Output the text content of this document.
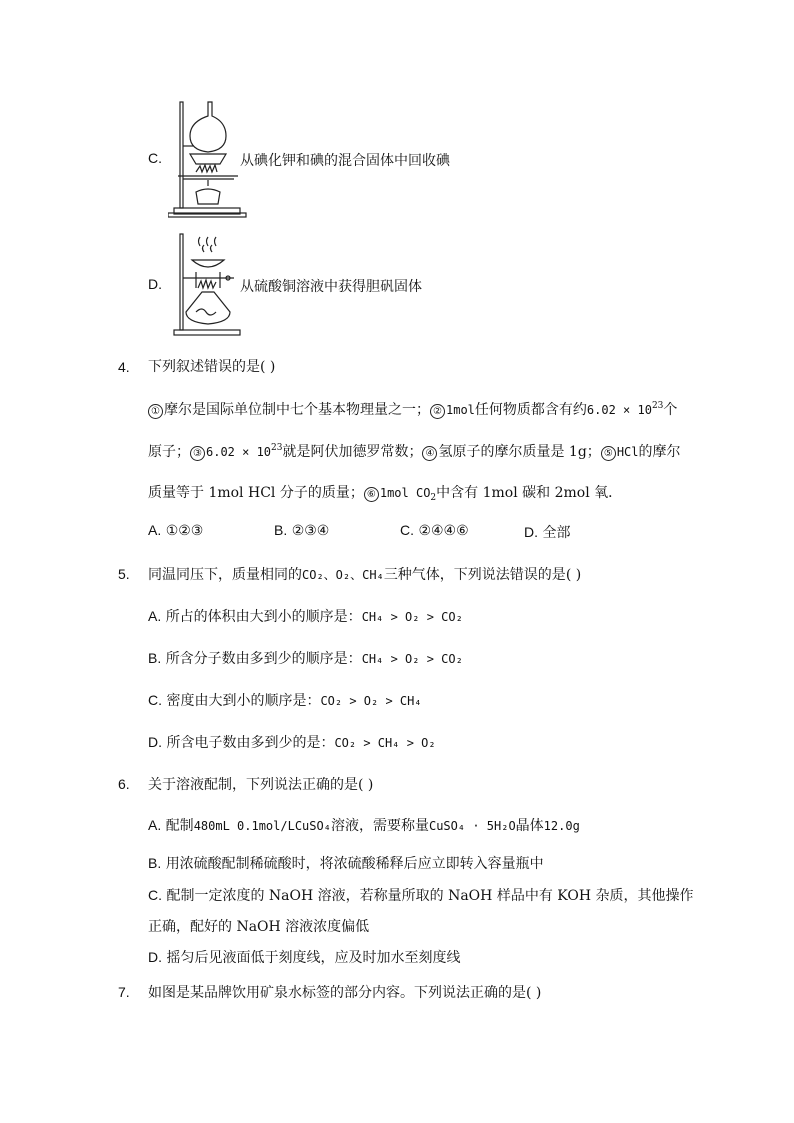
C.	从碘化钾和碘的混合固体中回收碘
D.	从硫酸铜溶液中获得胆矾固体
4. 下列叙述错误的是( )
① 摩尔是国际单位制中七个基本物理量之一； ② 1mol任何物质都含有约$6.02 \times 10^{23}$个
原子； ③ $6.02 \times 10^{23}$就是阿伏加德罗常数； ④ 氢原子的摩尔质量是 1g； ⑤ HCl的摩尔
质量等于 1mol HCl 分子的质量； ⑥ 1mol $CO_2$中含有 1mol 碳和 2mol 氧．
A. ①②③	B. ②③④	C. ②④④⑥	D. 全部
5. 同温同压下，质量相同的CO₂、O₂、CH₄三种气体，下列说法错误的是( )
A. 所占的体积由大到小的顺序是：CH₄ > O₂ > CO₂
B. 所含分子数由多到少的顺序是：CH₄ > O₂ > CO₂
C. 密度由大到小的顺序是：CO₂ > O₂ > CH₄
D. 所含电子数由多到少的是：CO₂ > CH₄ > O₂
6. 关于溶液配制，下列说法正确的是( )
A. 配制480mL 0.1mol/LCuSO₄溶液，需要称量CuSO₄ · 5H₂O晶体12.0g
B. 用浓硫酸配制稀硫酸时，将浓硫酸稀释后应立即转入容量瓶中
C. 配制一定浓度的 NaOH 溶液，若称量所取的 NaOH 样品中有 KOH 杂质，其他操作
正确，配好的 NaOH 溶液浓度偏低
D. 摇匀后见液面低于刻度线，应及时加水至刻度线
7. 如图是某品牌饮用矿泉水标签的部分内容。下列说法正确的是( )
